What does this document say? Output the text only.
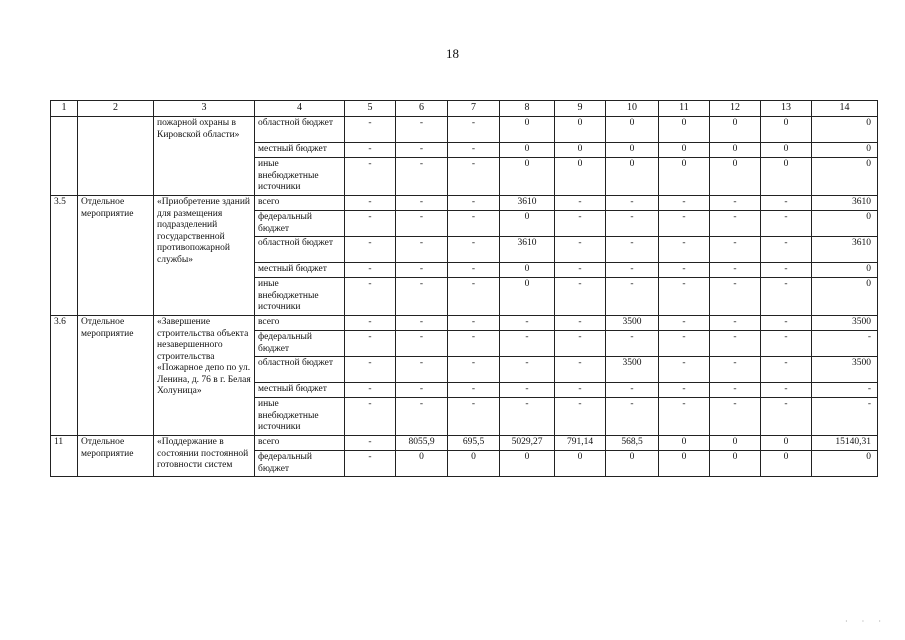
18
1	2	3	4	5	6	7	8	9	10	11	12	13	14
		пожарной охраны в Кировской области»	областной бюджет	-	-	-	0	0	0	0	0	0	0
			местный бюджет	-	-	-	0	0	0	0	0	0	0
			иные внебюджетные источники	-	-	-	0	0	0	0	0	0	0
3.5	Отдельное мероприятие	«Приобретение зданий для размещения подразделений государственной противопожарной службы»	всего	-	-	-	3610	-	-	-	-	-	3610
			федеральный бюджет	-	-	-	0	-	-	-	-	-	0
			областной бюджет	-	-	-	3610	-	-	-	-	-	3610
			местный бюджет	-	-	-	0	-	-	-	-	-	0
			иные внебюджетные источники	-	-	-	0	-	-	-	-	-	0
3.6	Отдельное мероприятие	«Завершение строительства объекта незавершенного строительства «Пожарное депо по ул. Ленина, д. 76 в г. Белая Холуница»	всего	-	-	-	-	-	3500	-	-	-	3500
			федеральный бюджет	-	-	-	-	-	-	-	-	-	-
			областной бюджет	-	-	-	-	-	3500	-	-	-	3500
			местный бюджет	-	-	-	-	-	-	-	-	-	-
			иные внебюджетные источники	-	-	-	-	-	-	-	-	-	-
11	Отдельное мероприятие	«Поддержание в состоянии постоянной готовности систем	всего	-	8055,9	695,5	5029,27	791,14	568,5	0	0	0	15140,31
			федеральный бюджет	-	0	0	0	0	0	0	0	0	0
· · ·
